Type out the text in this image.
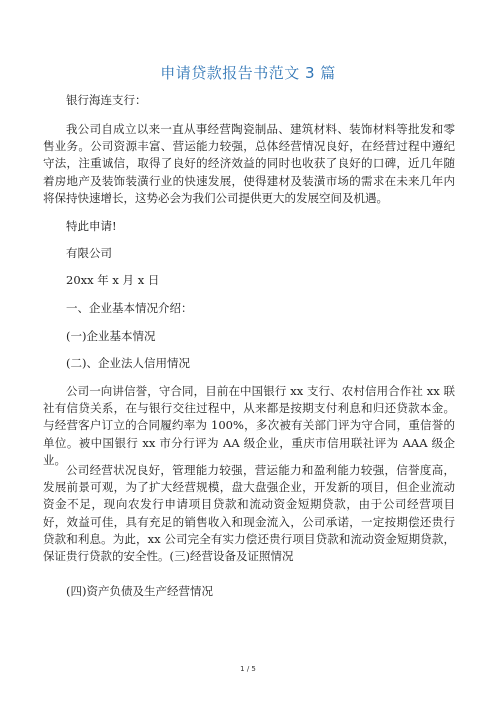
申请贷款报告书范文 3 篇
银行海连支行：
我公司自成立以来一直从事经营陶瓷制品、建筑材料、装饰材料等批发和零售业务。公司资源丰富、营运能力较强，总体经营情况良好，在经营过程中遵纪守法，注重诚信，取得了良好的经济效益的同时也收获了良好的口碑，近几年随着房地产及装饰装潢行业的快速发展，使得建材及装潢市场的需求在未来几年内将保持快速增长，这势必会为我们公司提供更大的发展空间及机遇。
特此申请!
有限公司
20xx 年 x 月 x 日
一、企业基本情况介绍：
(一)企业基本情况
(二)、企业法人信用情况
公司一向讲信誉，守合同，目前在中国银行 xx 支行、农村信用合作社 xx 联社有信贷关系，在与银行交往过程中，从来都是按期支付利息和归还贷款本金。与经营客户订立的合同履约率为 100%，多次被有关部门评为守合同，重信誉的单位。被中国银行 xx 市分行评为 AA 级企业，重庆市信用联社评为 AAA 级企业。
公司经营状况良好，管理能力较强，营运能力和盈利能力较强，信誉度高，发展前景可观，为了扩大经营规模，盘大盘强企业，开发新的项目，但企业流动资金不足，现向农发行申请项目贷款和流动资金短期贷款，由于公司经营项目好，效益可佳，具有充足的销售收入和现金流入，公司承诺，一定按期偿还贵行贷款和利息。为此，xx 公司完全有实力偿还贵行项目贷款和流动资金短期贷款，保证贵行贷款的安全性。(三)经营设备及证照情况
(四)资产负债及生产经营情况
1 / 5
